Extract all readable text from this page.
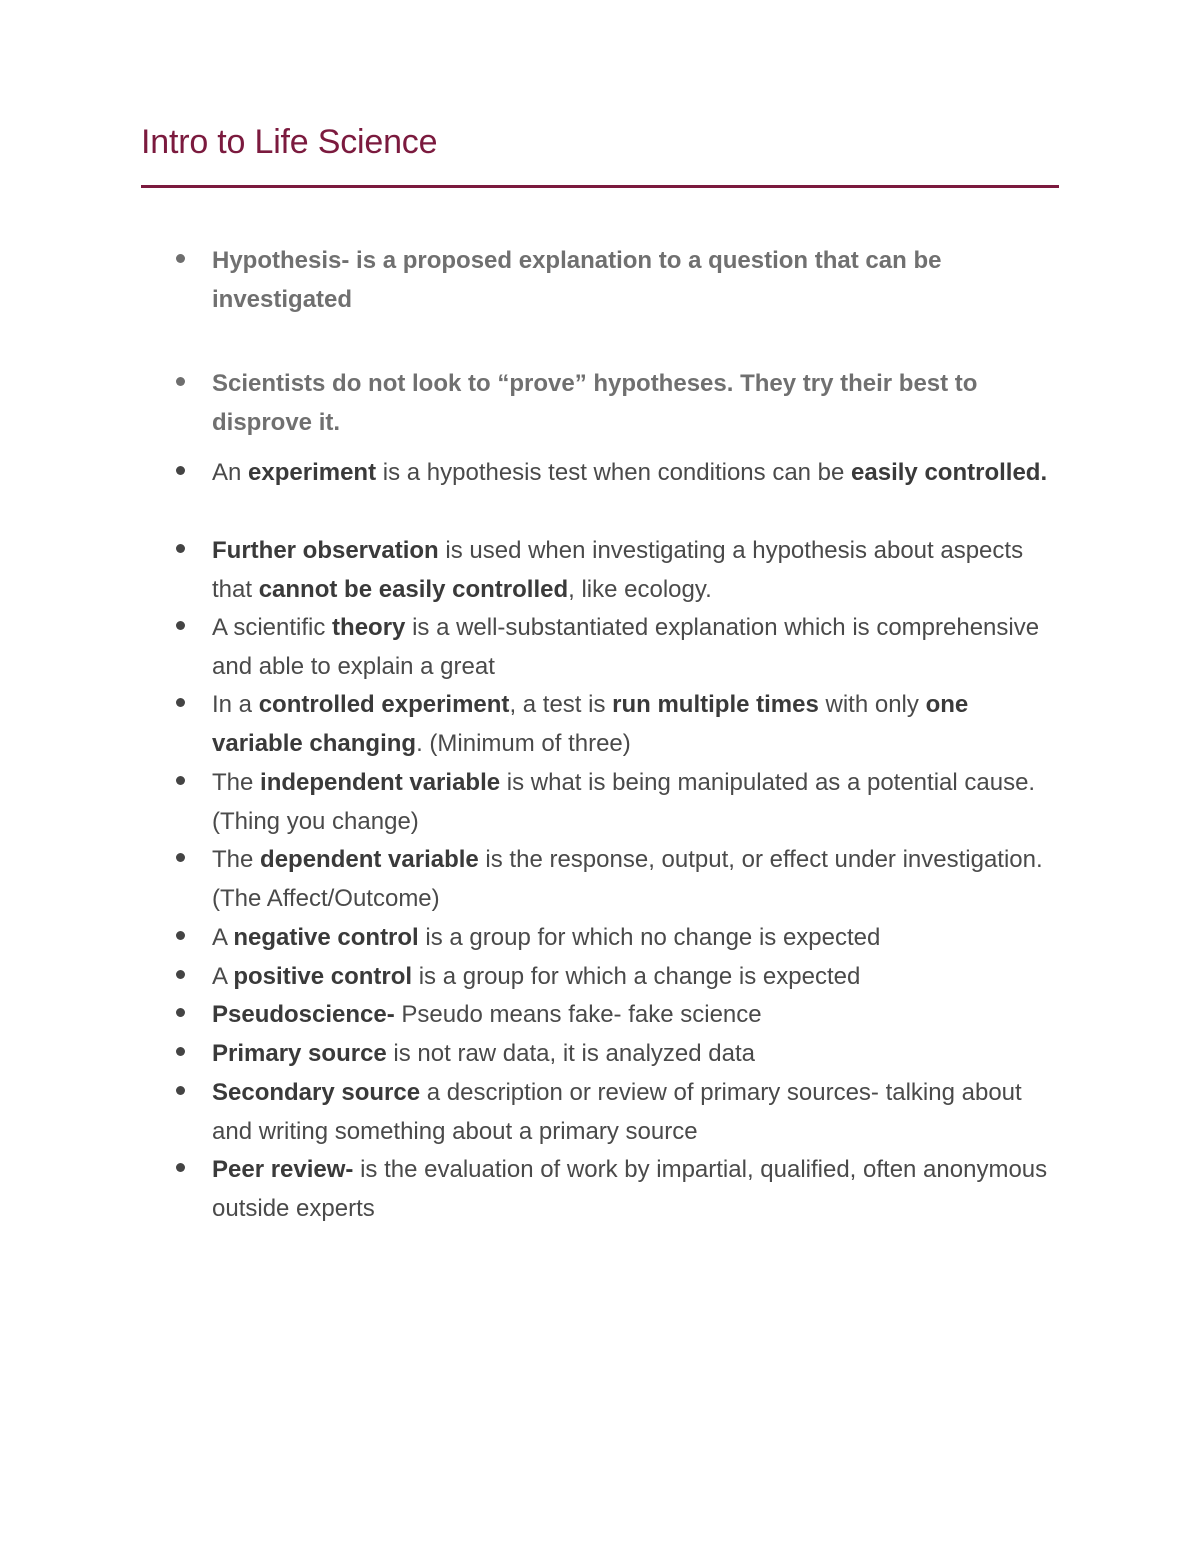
Intro to Life Science

Hypothesis- is a proposed explanation to a question that can be investigated

Scientists do not look to “prove” hypotheses. They try their best to disprove it.

An experiment is a hypothesis test when conditions can be easily controlled.

Further observation is used when investigating a hypothesis about aspects that cannot be easily controlled, like ecology.

A scientific theory is a well-substantiated explanation which is comprehensive and able to explain a great

In a controlled experiment, a test is run multiple times with only one variable changing. (Minimum of three)

The independent variable is what is being manipulated as a potential cause. (Thing you change)

The dependent variable is the response, output, or effect under investigation. (The Affect/Outcome)

A negative control is a group for which no change is expected

A positive control is a group for which a change is expected

Pseudoscience- Pseudo means fake- fake science

Primary source is not raw data, it is analyzed data

Secondary source a description or review of primary sources- talking about and writing something about a primary source

Peer review- is the evaluation of work by impartial, qualified, often anonymous outside experts
